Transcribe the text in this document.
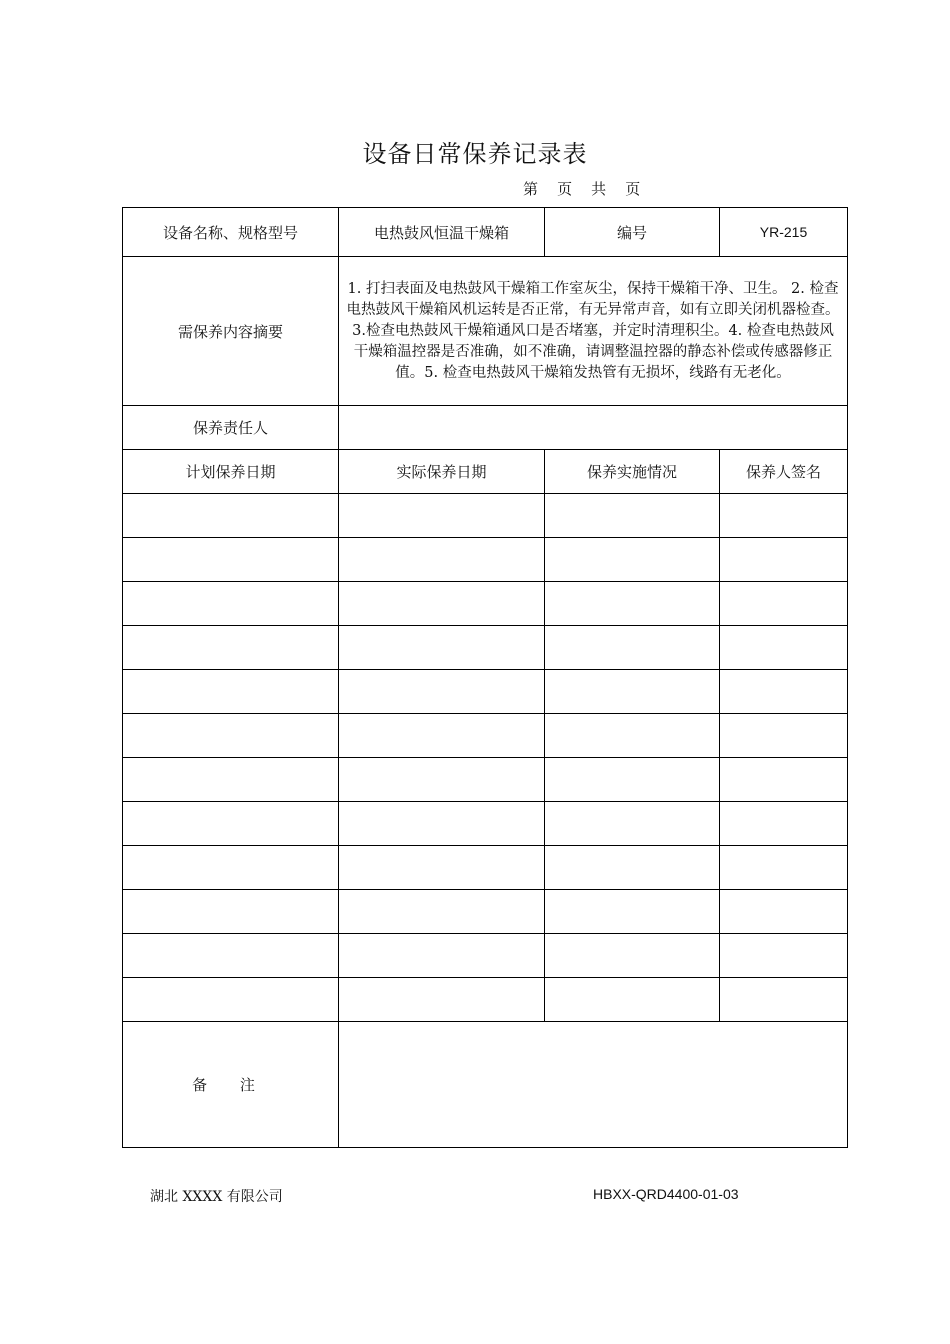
设备日常保养记录表
第    页    共    页
设备名称、规格型号	电热鼓风恒温干燥箱	编号	YR-215
需保养内容摘要	1. 打扫表面及电热鼓风干燥箱工作室灰尘，保持干燥箱干净、卫生。 2. 检查电热鼓风干燥箱风机运转是否正常，有无异常声音，如有立即关闭机器检查。3.检查电热鼓风干燥箱通风口是否堵塞，并定时清理积尘。4. 检查电热鼓风干燥箱温控器是否准确，如不准确，请调整温控器的静态补偿或传感器修正值。5. 检查电热鼓风干燥箱发热管有无损坏，线路有无老化。		
保养责任人			
计划保养日期	实际保养日期	保养实施情况	保养人签名

备 注			
湖北 XXXX 有限公司	HBXX-QRD4400-01-03
